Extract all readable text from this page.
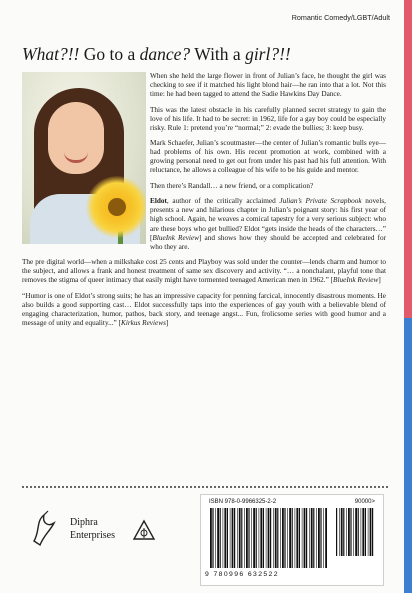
Romantic Comedy/LGBT/Adult
What?!! Go to a dance? With a girl?!!

When she held the large flower in front of Julian’s face, he thought the girl was checking to see if it matched his light blond hair—he ran into that a lot. Not this time: he had been tagged to attend the Sadie Hawkins Day Dance.

This was the latest obstacle in his carefully planned secret strategy to gain the love of his life. It had to be secret: in 1962, life for a gay boy could be especially risky. Rule 1: pretend you’re “normal;” 2: evade the bullies; 3: keep busy.

Mark Schaefer, Julian’s scoutmaster—the center of Julian’s romantic bulls eye—had problems of his own. His recent promotion at work, combined with a growing personal need to get out from under his past had his full attention. With reluctance, he allows a colleague of his wife to be his guide and mentor.

Then there’s Randall… a new friend, or a complication?

Eldot, author of the critically acclaimed Julian’s Private Scrapbook novels, presents a new and hilarious chapter in Julian’s poignant story: his first year of high school. Again, he weaves a comical tapestry for a very serious subject: who are these boys who get bullied? Eldot “gets inside the heads of the characters…” [BlueInk Review] and shows how they should be accepted and celebrated for who they are.

The pre digital world—when a milkshake cost 25 cents and Playboy was sold under the counter—lends charm and humor to the subject, and allows a frank and honest treatment of same sex discovery and activity. “… a nonchalant, playful tone that removes the stigma of queer intimacy that easily might have tormented teenaged American men in 1962.” [BlueInk Review]

“Humor is one of Eldot’s strong suits; he has an impressive capacity for penning farcical, innocently disastrous moments. He also builds a good supporting cast… Eldot successfully taps into the experiences of gay youth with a believable blend of engaging characterization, humor, pathos, back story, and teenage angst... Fun, frolicsome series with good humor and a message of unity and equality...” [Kirkus Reviews]

Diphra
Enterprises
ISBN 978-0-9966325-2-2	90000>
9 780996 632522
